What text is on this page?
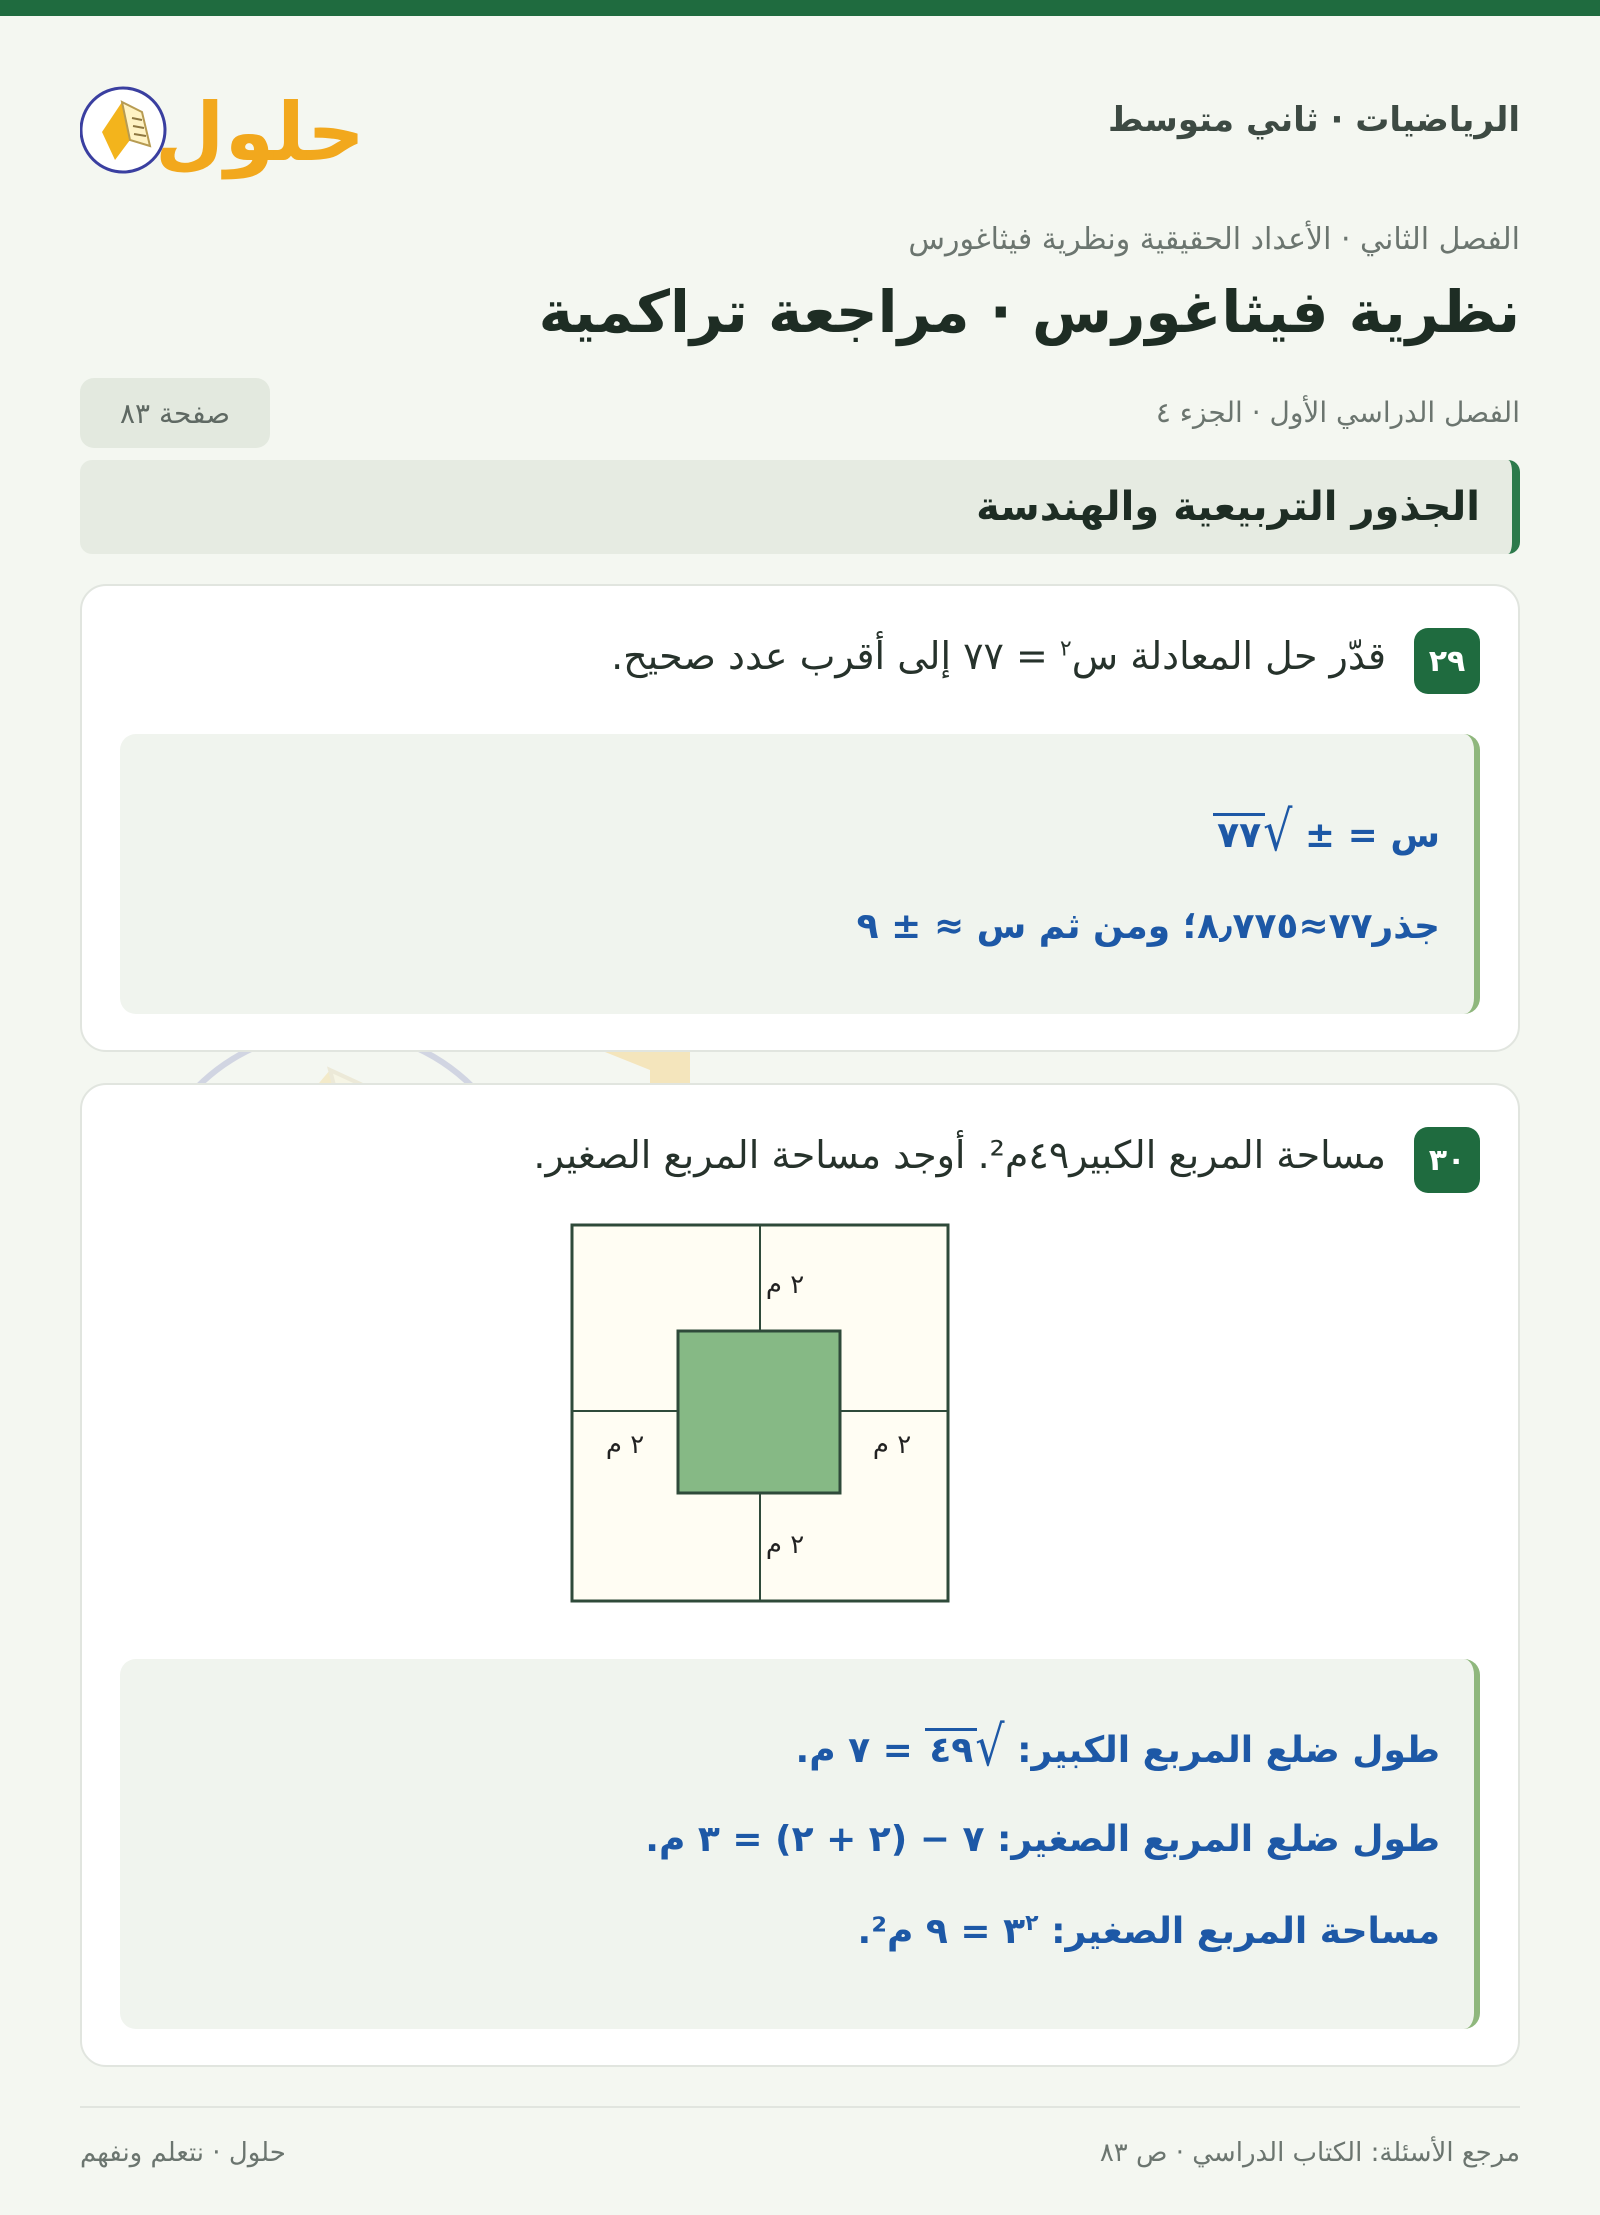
الرياضيات · ثاني متوسط
حلول
الفصل الثاني · الأعداد الحقيقية ونظرية فيثاغورس
نظرية فيثاغورس · مراجعة تراكمية
الفصل الدراسي الأول · الجزء ٤
صفحة ٨٣
الجذور التربيعية والهندسة
٢٩
قدّر حل المعادلة س$^٢$ = ٧٧ إلى أقرب عدد صحيح.
س = ± √٧٧
جذر٧٧≈٨٫٧٧٥؛ ومن ثم س ≈ ± ٩
٣٠
مساحة المربع الكبير٤٩م². أوجد مساحة المربع الصغير.
٢ م
٢ م	٢ م
٢ م
طول ضلع المربع الكبير: √٤٩ = ٧ م.
طول ضلع المربع الصغير: ٧ − (٢ + ٢) = ٣ م.
مساحة المربع الصغير: $٣^٢$ = ٩ م².
مرجع الأسئلة: الكتاب الدراسي · ص ٨٣
حلول · نتعلم ونفهم
